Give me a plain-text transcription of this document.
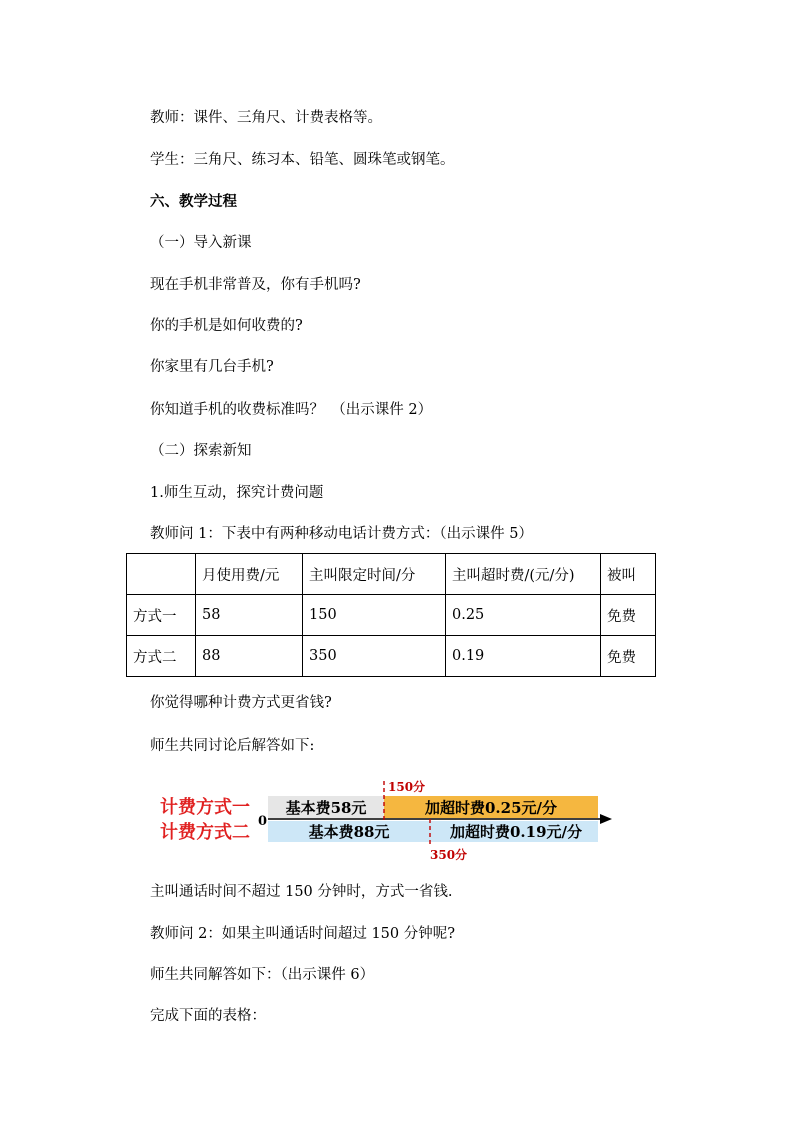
教师：课件、三角尺、计费表格等。
学生：三角尺、练习本、铅笔、圆珠笔或钢笔。
六、教学过程
（一）导入新课
现在手机非常普及，你有手机吗?
你的手机是如何收费的?
你家里有几台手机?
你知道手机的收费标准吗？　（出示课件 2）
（二）探索新知
1.师生互动，探究计费问题
教师问 1：下表中有两种移动电话计费方式：（出示课件 5）
	月使用费/元	主叫限定时间/分	主叫超时费/(元/分)	被叫
方式一	58	150	0.25	免费
方式二	88	350	0.19	免费
你觉得哪种计费方式更省钱?
师生共同讨论后解答如下:
计费方式一
计费方式二
0
基本费58元	加超时费0.25元/分
基本费88元	加超时费0.19元/分
150分
350分
主叫通话时间不超过 150 分钟时，方式一省钱.
教师问 2：如果主叫通话时间超过 150 分钟呢?
师生共同解答如下：（出示课件 6）
完成下面的表格：
